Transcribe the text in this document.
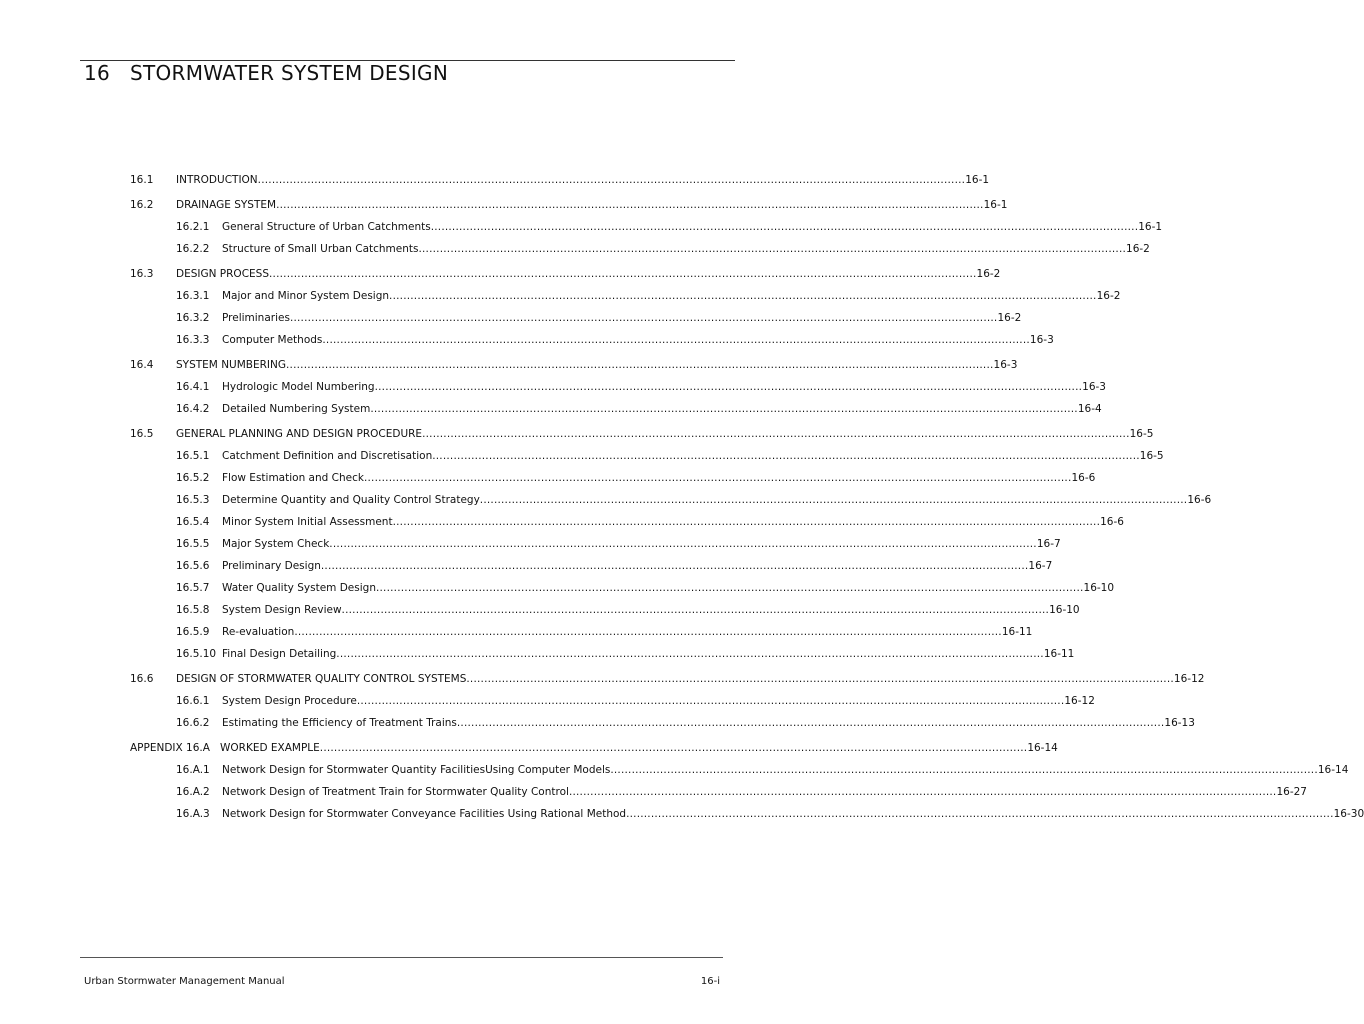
16 STORMWATER SYSTEM DESIGN
16.1 INTRODUCTION ........................................................................................................................................................................................................ 16-1
16.2 DRAINAGE SYSTEM ........................................................................................................................................................................................................ 16-1
16.2.1 General Structure of Urban Catchments ........................................................................................................................................................................................................ 16-1
16.2.2 Structure of Small Urban Catchments ........................................................................................................................................................................................................ 16-2
16.3 DESIGN PROCESS ........................................................................................................................................................................................................ 16-2
16.3.1 Major and Minor System Design ........................................................................................................................................................................................................ 16-2
16.3.2 Preliminaries ........................................................................................................................................................................................................ 16-2
16.3.3 Computer Methods ........................................................................................................................................................................................................ 16-3
16.4 SYSTEM NUMBERING ........................................................................................................................................................................................................ 16-3
16.4.1 Hydrologic Model Numbering ........................................................................................................................................................................................................ 16-3
16.4.2 Detailed Numbering System ........................................................................................................................................................................................................ 16-4
16.5 GENERAL PLANNING AND DESIGN PROCEDURE ........................................................................................................................................................................................................ 16-5
16.5.1 Catchment Definition and Discretisation ........................................................................................................................................................................................................ 16-5
16.5.2 Flow Estimation and Check ........................................................................................................................................................................................................ 16-6
16.5.3 Determine Quantity and Quality Control Strategy ........................................................................................................................................................................................................ 16-6
16.5.4 Minor System Initial Assessment ........................................................................................................................................................................................................ 16-6
16.5.5 Major System Check ........................................................................................................................................................................................................ 16-7
16.5.6 Preliminary Design ........................................................................................................................................................................................................ 16-7
16.5.7 Water Quality System Design ........................................................................................................................................................................................................ 16-10
16.5.8 System Design Review ........................................................................................................................................................................................................ 16-10
16.5.9 Re-evaluation ........................................................................................................................................................................................................ 16-11
16.5.10 Final Design Detailing ........................................................................................................................................................................................................ 16-11
16.6 DESIGN OF STORMWATER QUALITY CONTROL SYSTEMS ........................................................................................................................................................................................................ 16-12
16.6.1 System Design Procedure ........................................................................................................................................................................................................ 16-12
16.6.2 Estimating the Efficiency of Treatment Trains ........................................................................................................................................................................................................ 16-13
APPENDIX 16.A WORKED EXAMPLE ........................................................................................................................................................................................................ 16-14
16.A.1 Network Design for Stormwater Quantity FacilitiesUsing Computer Models ........................................................................................................................................................................................................ 16-14
16.A.2 Network Design of Treatment Train for Stormwater Quality Control ........................................................................................................................................................................................................ 16-27
16.A.3 Network Design for Stormwater Conveyance Facilities Using Rational Method ........................................................................................................................................................................................................ 16-30
Urban Stormwater Management Manual	16-i
